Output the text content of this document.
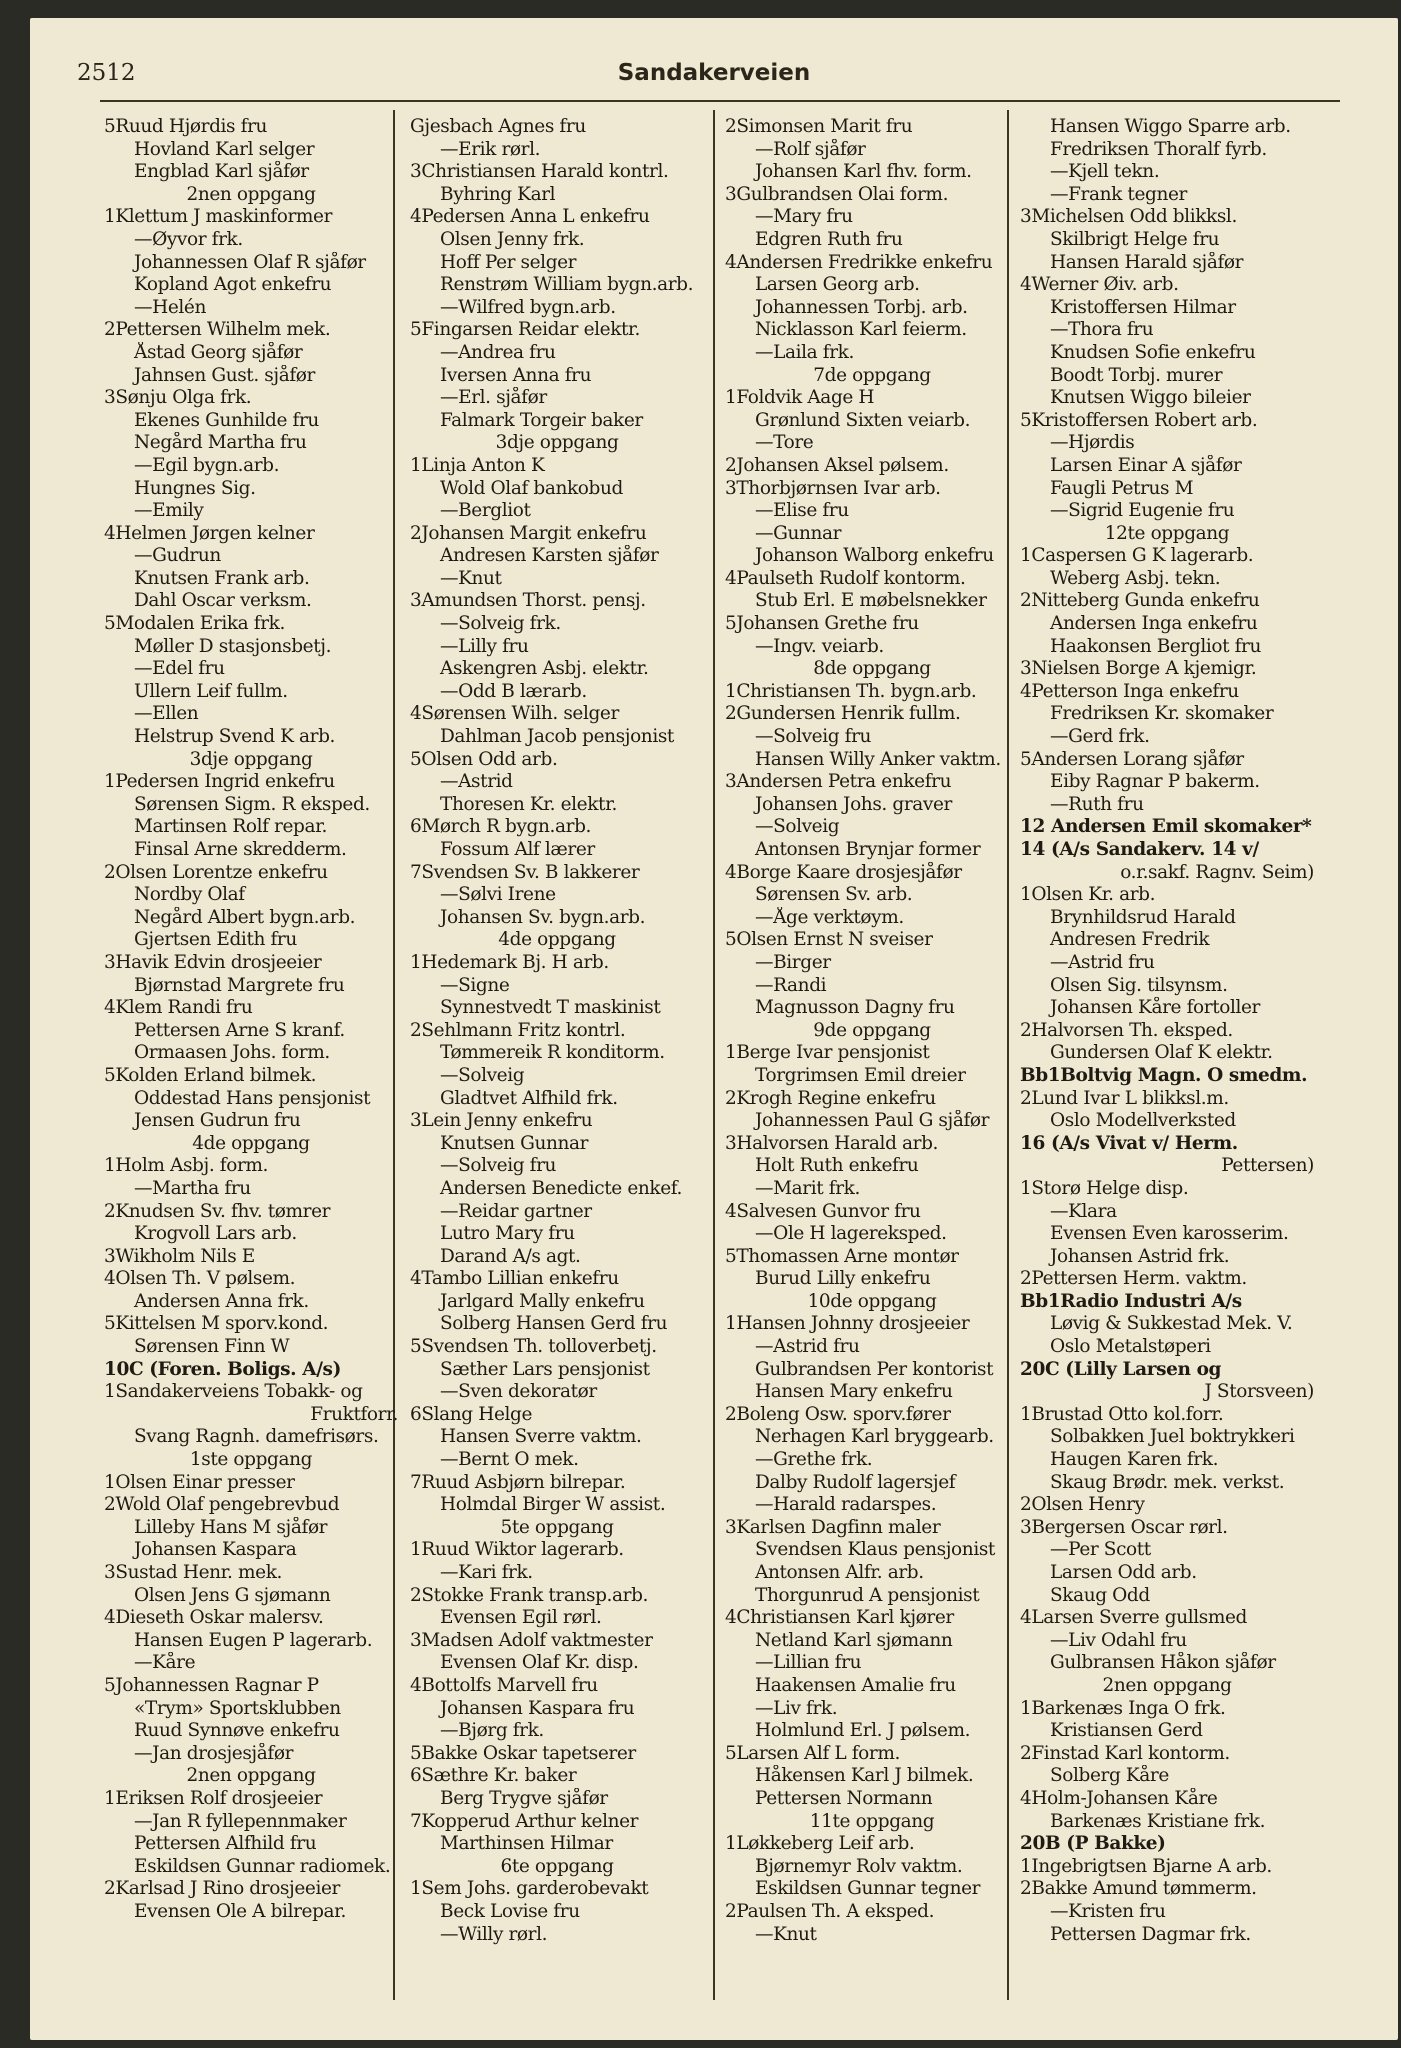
2512	Sandakerveien
5Ruud Hjørdis fru
Hovland Karl selger
Engblad Karl sjåfør
2nen oppgang
1Klettum J maskinformer
—Øyvor frk.
Johannessen Olaf R sjåfør
Kopland Agot enkefru
—Helén
2Pettersen Wilhelm mek.
Åstad Georg sjåfør
Jahnsen Gust. sjåfør
3Sønju Olga frk.
Ekenes Gunhilde fru
Negård Martha fru
—Egil bygn.arb.
Hungnes Sig.
—Emily
4Helmen Jørgen kelner
—Gudrun
Knutsen Frank arb.
Dahl Oscar verksm.
5Modalen Erika frk.
Møller D stasjonsbetj.
—Edel fru
Ullern Leif fullm.
—Ellen
Helstrup Svend K arb.
3dje oppgang
1Pedersen Ingrid enkefru
Sørensen Sigm. R eksped.
Martinsen Rolf repar.
Finsal Arne skredderm.
2Olsen Lorentze enkefru
Nordby Olaf
Negård Albert bygn.arb.
Gjertsen Edith fru
3Havik Edvin drosjeeier
Bjørnstad Margrete fru
4Klem Randi fru
Pettersen Arne S kranf.
Ormaasen Johs. form.
5Kolden Erland bilmek.
Oddestad Hans pensjonist
Jensen Gudrun fru
4de oppgang
1Holm Asbj. form.
—Martha fru
2Knudsen Sv. fhv. tømrer
Krogvoll Lars arb.
3Wikholm Nils E
4Olsen Th. V pølsem.
Andersen Anna frk.
5Kittelsen M sporv.kond.
Sørensen Finn W
10C (Foren. Boligs. A/s)
1Sandakerveiens Tobakk- og
Fruktforr.
Svang Ragnh. damefrisørs.
1ste oppgang
1Olsen Einar presser
2Wold Olaf pengebrevbud
Lilleby Hans M sjåfør
Johansen Kaspara
3Sustad Henr. mek.
Olsen Jens G sjømann
4Dieseth Oskar malersv.
Hansen Eugen P lagerarb.
—Kåre
5Johannessen Ragnar P
«Trym» Sportsklubben
Ruud Synnøve enkefru
—Jan drosjesjåfør
2nen oppgang
1Eriksen Rolf drosjeeier
—Jan R fyllepennmaker
Pettersen Alfhild fru
Eskildsen Gunnar radiomek.
2Karlsad J Rino drosjeeier
Evensen Ole A bilrepar.
Gjesbach Agnes fru
—Erik rørl.
3Christiansen Harald kontrl.
Byhring Karl
4Pedersen Anna L enkefru
Olsen Jenny frk.
Hoff Per selger
Renstrøm William bygn.arb.
—Wilfred bygn.arb.
5Fingarsen Reidar elektr.
—Andrea fru
Iversen Anna fru
—Erl. sjåfør
Falmark Torgeir baker
3dje oppgang
1Linja Anton K
Wold Olaf bankobud
—Bergliot
2Johansen Margit enkefru
Andresen Karsten sjåfør
—Knut
3Amundsen Thorst. pensj.
—Solveig frk.
—Lilly fru
Askengren Asbj. elektr.
—Odd B lærarb.
4Sørensen Wilh. selger
Dahlman Jacob pensjonist
5Olsen Odd arb.
—Astrid
Thoresen Kr. elektr.
6Mørch R bygn.arb.
Fossum Alf lærer
7Svendsen Sv. B lakkerer
—Sølvi Irene
Johansen Sv. bygn.arb.
4de oppgang
1Hedemark Bj. H arb.
—Signe
Synnestvedt T maskinist
2Sehlmann Fritz kontrl.
Tømmereik R konditorm.
—Solveig
Gladtvet Alfhild frk.
3Lein Jenny enkefru
Knutsen Gunnar
—Solveig fru
Andersen Benedicte enkef.
—Reidar gartner
Lutro Mary fru
Darand A/s agt.
4Tambo Lillian enkefru
Jarlgard Mally enkefru
Solberg Hansen Gerd fru
5Svendsen Th. tolloverbetj.
Sæther Lars pensjonist
—Sven dekoratør
6Slang Helge
Hansen Sverre vaktm.
—Bernt O mek.
7Ruud Asbjørn bilrepar.
Holmdal Birger W assist.
5te oppgang
1Ruud Wiktor lagerarb.
—Kari frk.
2Stokke Frank transp.arb.
Evensen Egil rørl.
3Madsen Adolf vaktmester
Evensen Olaf Kr. disp.
4Bottolfs Marvell fru
Johansen Kaspara fru
—Bjørg frk.
5Bakke Oskar tapetserer
6Sæthre Kr. baker
Berg Trygve sjåfør
7Kopperud Arthur kelner
Marthinsen Hilmar
6te oppgang
1Sem Johs. garderobevakt
Beck Lovise fru
—Willy rørl.
2Simonsen Marit fru
—Rolf sjåfør
Johansen Karl fhv. form.
3Gulbrandsen Olai form.
—Mary fru
Edgren Ruth fru
4Andersen Fredrikke enkefru
Larsen Georg arb.
Johannessen Torbj. arb.
Nicklasson Karl feierm.
—Laila frk.
7de oppgang
1Foldvik Aage H
Grønlund Sixten veiarb.
—Tore
2Johansen Aksel pølsem.
3Thorbjørnsen Ivar arb.
—Elise fru
—Gunnar
Johanson Walborg enkefru
4Paulseth Rudolf kontorm.
Stub Erl. E møbelsnekker
5Johansen Grethe fru
—Ingv. veiarb.
8de oppgang
1Christiansen Th. bygn.arb.
2Gundersen Henrik fullm.
—Solveig fru
Hansen Willy Anker vaktm.
3Andersen Petra enkefru
Johansen Johs. graver
—Solveig
Antonsen Brynjar former
4Borge Kaare drosjesjåfør
Sørensen Sv. arb.
—Åge verktøym.
5Olsen Ernst N sveiser
—Birger
—Randi
Magnusson Dagny fru
9de oppgang
1Berge Ivar pensjonist
Torgrimsen Emil dreier
2Krogh Regine enkefru
Johannessen Paul G sjåfør
3Halvorsen Harald arb.
Holt Ruth enkefru
—Marit frk.
4Salvesen Gunvor fru
—Ole H lagereksped.
5Thomassen Arne montør
Burud Lilly enkefru
10de oppgang
1Hansen Johnny drosjeeier
—Astrid fru
Gulbrandsen Per kontorist
Hansen Mary enkefru
2Boleng Osw. sporv.fører
Nerhagen Karl bryggearb.
—Grethe frk.
Dalby Rudolf lagersjef
—Harald radarspes.
3Karlsen Dagfinn maler
Svendsen Klaus pensjonist
Antonsen Alfr. arb.
Thorgunrud A pensjonist
4Christiansen Karl kjører
Netland Karl sjømann
—Lillian fru
Haakensen Amalie fru
—Liv frk.
Holmlund Erl. J pølsem.
5Larsen Alf L form.
Håkensen Karl J bilmek.
Pettersen Normann
11te oppgang
1Løkkeberg Leif arb.
Bjørnemyr Rolv vaktm.
Eskildsen Gunnar tegner
2Paulsen Th. A eksped.
—Knut
Hansen Wiggo Sparre arb.
Fredriksen Thoralf fyrb.
—Kjell tekn.
—Frank tegner
3Michelsen Odd blikksl.
Skilbrigt Helge fru
Hansen Harald sjåfør
4Werner Øiv. arb.
Kristoffersen Hilmar
—Thora fru
Knudsen Sofie enkefru
Boodt Torbj. murer
Knutsen Wiggo bileier
5Kristoffersen Robert arb.
—Hjørdis
Larsen Einar A sjåfør
Faugli Petrus M
—Sigrid Eugenie fru
12te oppgang
1Caspersen G K lagerarb.
Weberg Asbj. tekn.
2Nitteberg Gunda enkefru
Andersen Inga enkefru
Haakonsen Bergliot fru
3Nielsen Borge A kjemigr.
4Petterson Inga enkefru
Fredriksen Kr. skomaker
—Gerd frk.
5Andersen Lorang sjåfør
Eiby Ragnar P bakerm.
—Ruth fru
12 Andersen Emil skomaker*
14 (A/s Sandakerv. 14 v/
o.r.sakf. Ragnv. Seim)
1Olsen Kr. arb.
Brynhildsrud Harald
Andresen Fredrik
—Astrid fru
Olsen Sig. tilsynsm.
Johansen Kåre fortoller
2Halvorsen Th. eksped.
Gundersen Olaf K elektr.
Bb1Boltvig Magn. O smedm.
2Lund Ivar L blikksl.m.
Oslo Modellverksted
16 (A/s Vivat v/ Herm.
Pettersen)
1Storø Helge disp.
—Klara
Evensen Even karosserim.
Johansen Astrid frk.
2Pettersen Herm. vaktm.
Bb1Radio Industri A/s
Løvig & Sukkestad Mek. V.
Oslo Metalstøperi
20C (Lilly Larsen og
J Storsveen)
1Brustad Otto kol.forr.
Solbakken Juel boktrykkeri
Haugen Karen frk.
Skaug Brødr. mek. verkst.
2Olsen Henry
3Bergersen Oscar rørl.
—Per Scott
Larsen Odd arb.
Skaug Odd
4Larsen Sverre gullsmed
—Liv Odahl fru
Gulbransen Håkon sjåfør
2nen oppgang
1Barkenæs Inga O frk.
Kristiansen Gerd
2Finstad Karl kontorm.
Solberg Kåre
4Holm-Johansen Kåre
Barkenæs Kristiane frk.
20B (P Bakke)
1Ingebrigtsen Bjarne A arb.
2Bakke Amund tømmerm.
—Kristen fru
Pettersen Dagmar frk.
